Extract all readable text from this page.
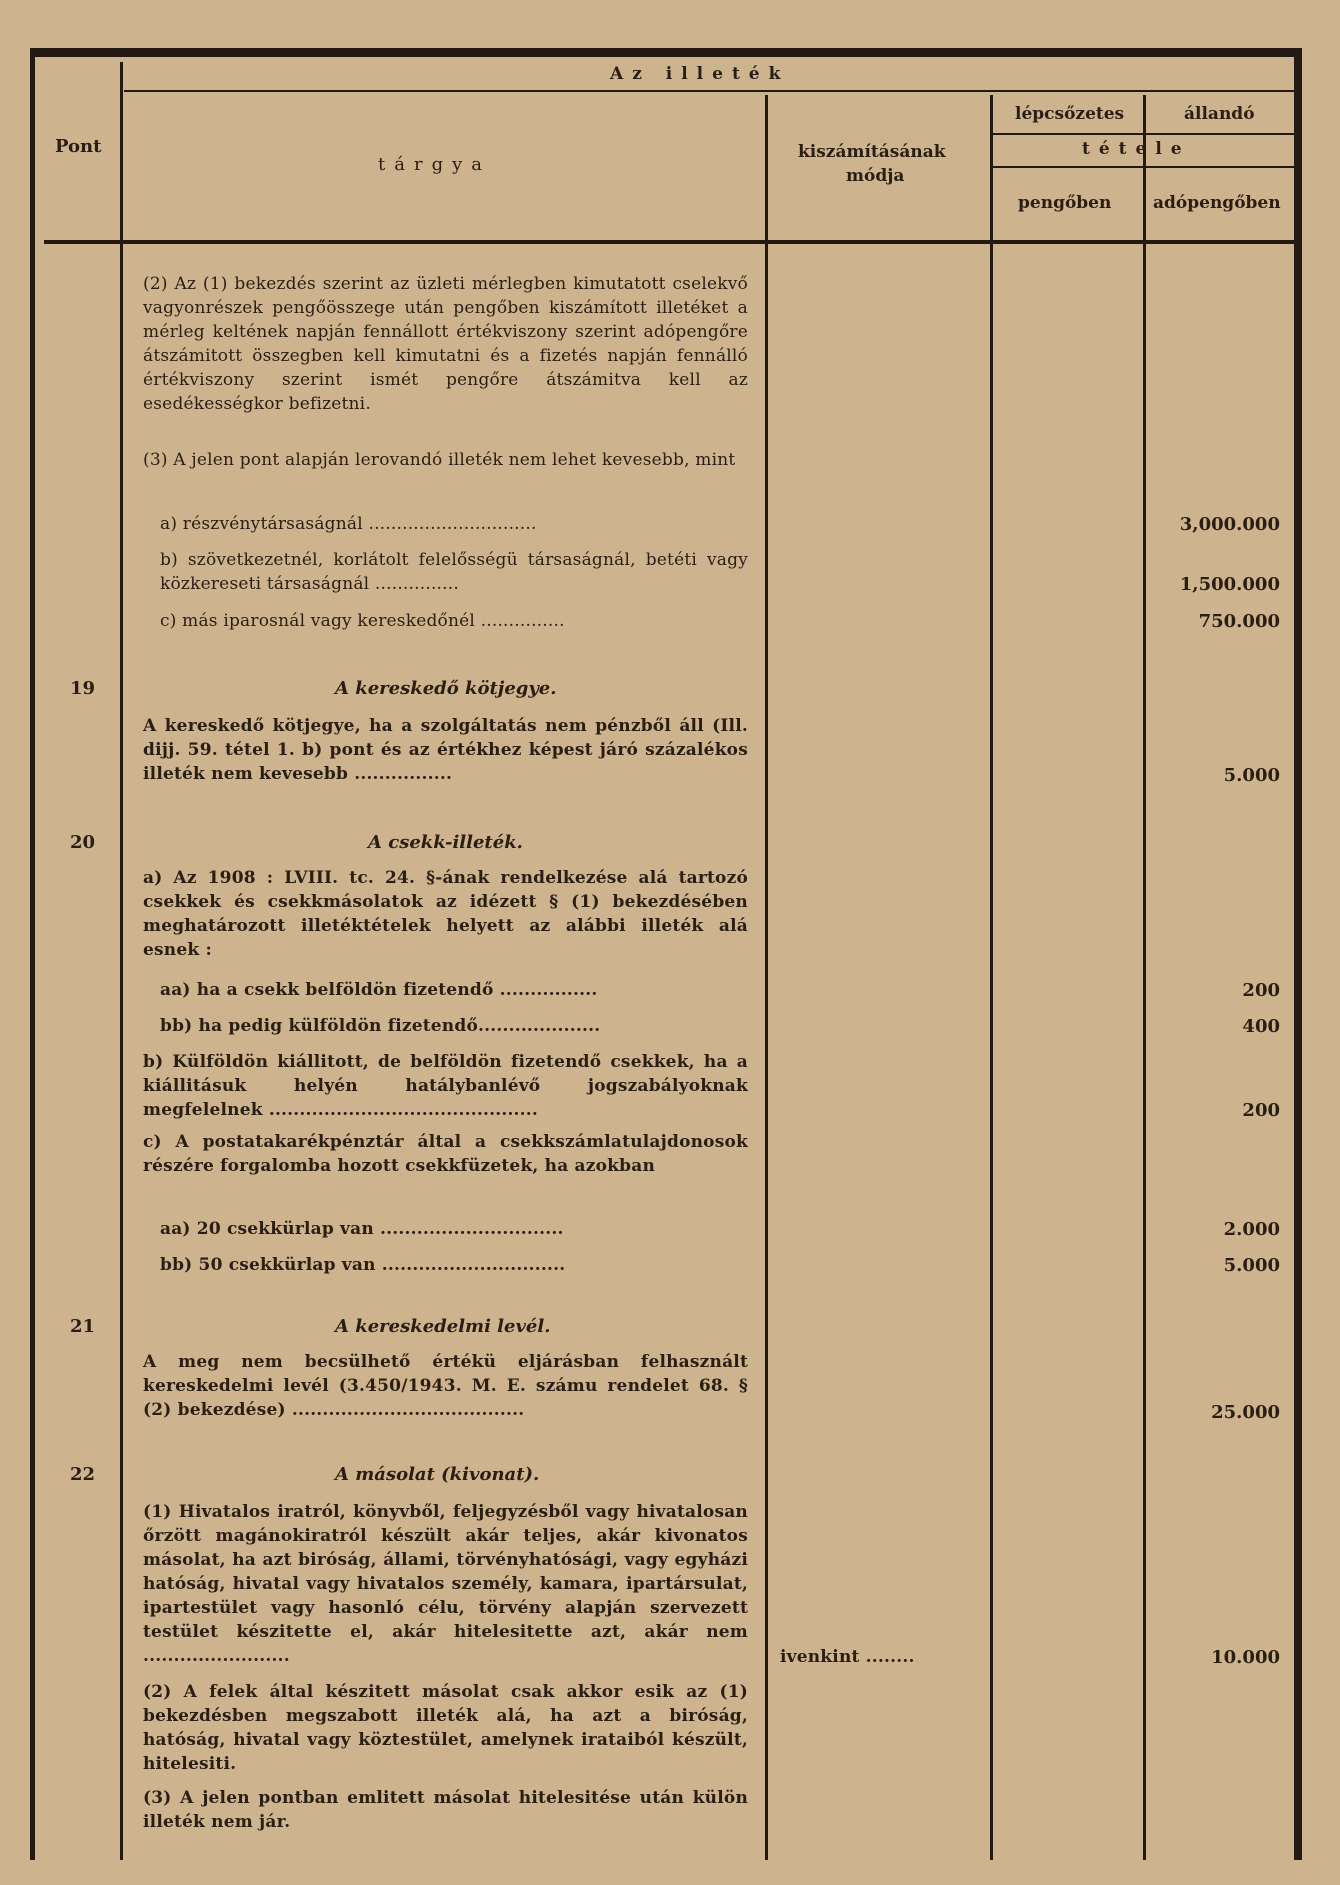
Az illeték
Pont
tárgya
kiszámításának
módja
lépcsőzetes	állandó
tétele
pengőben adópengőben
(2) Az (1) bekezdés szerint az üzleti mérlegben kimutatott cselekvő vagyonrészek pengőösszege után pengőben kiszámított illetéket a mérleg keltének napján fennállott értékviszony szerint adópengőre átszámitott összegben kell kimutatni és a fizetés napján fennálló értékviszony szerint ismét pengőre átszámitva kell az esedékességkor befizetni.
(3) A jelen pont alapján lerovandó illeték nem lehet kevesebb, mint
a) részvénytársaságnál ..............................	3,000.000
b) szövetkezetnél, korlátolt felelősségü társaságnál, betéti vagy közkereseti társaságnál ...............	1,500.000
c) más iparosnál vagy kereskedőnél ...............	750.000
19	A kereskedő kötjegye.
A kereskedő kötjegye, ha a szolgáltatás nem pénzből áll (Ill. dijj. 59. tétel 1. b) pont és az értékhez képest járó százalékos illeték nem kevesebb ................	5.000
20	A csekk-illeték.
a) Az 1908 : LVIII. tc. 24. §-ának rendelkezése alá tartozó csekkek és csekkmásolatok az idézett § (1) bekezdésében meghatározott illetéktételek helyett az alábbi illeték alá esnek :
aa) ha a csekk belföldön fizetendő ................	200
bb) ha pedig külföldön fizetendő....................	400
b) Külföldön kiállitott, de belföldön fizetendő csekkek, ha a kiállitásuk helyén hatálybanlévő jogszabályoknak megfelelnek ............................................	200
c) A postatakarékpénztár által a csekkszámlatulajdonosok részére forgalomba hozott csekkfüzetek, ha azokban
aa) 20 csekkürlap van ..............................	2.000
bb) 50 csekkürlap van ..............................	5.000
21	A kereskedelmi levél.
A meg nem becsülhető értékü eljárásban felhasznált kereskedelmi levél (3.450/1943. M. E. számu rendelet 68. § (2) bekezdése) ......................................	25.000
22	A másolat (kivonat).
(1) Hivatalos iratról, könyvből, feljegyzésből vagy hivatalosan őrzött magánokiratról készült akár teljes, akár kivonatos másolat, ha azt biróság, állami, törvényhatósági, vagy egyházi hatóság, hivatal vagy hivatalos személy, kamara, ipartársulat, ipartestület vagy hasonló célu, törvény alapján szervezett testület készitette el, akár hitelesitette azt, akár nem ........................	ivenkint ........	10.000
(2) A felek által készitett másolat csak akkor esik az (1) bekezdésben megszabott illeték alá, ha azt a biróság, hatóság, hivatal vagy köztestület, amelynek irataiból készült, hitelesiti.
(3) A jelen pontban emlitett másolat hitelesitése után külön illeték nem jár.
